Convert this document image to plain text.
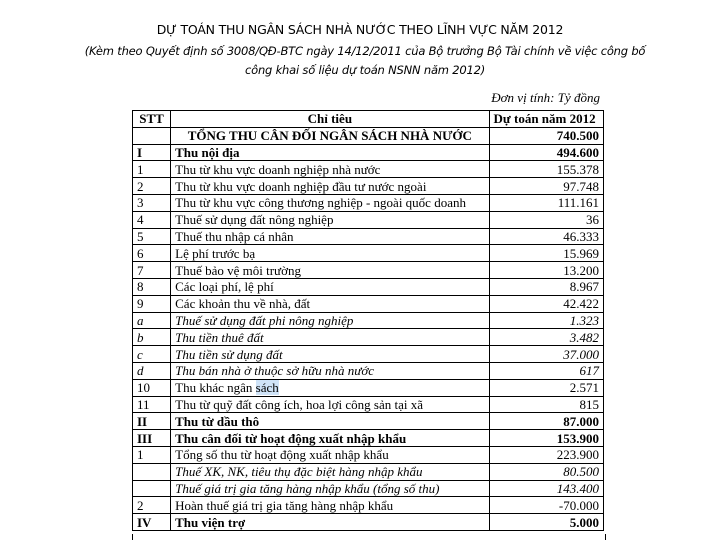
DỰ TOÁN THU NGÂN SÁCH NHÀ NƯỚC THEO LĨNH VỰC NĂM 2012
(Kèm theo Quyết định số 3008/QĐ-BTC ngày 14/12/2011 của Bộ trưởng Bộ Tài chính về việc công bố
công khai số liệu dự toán NSNN năm 2012)
Đơn vị tính: Tỷ đồng
STT	Chỉ tiêu	Dự toán năm 2012
	TỔNG THU CÂN ĐỐI NGÂN SÁCH NHÀ NƯỚC	740.500
I	Thu nội địa	494.600
1	Thu từ khu vực doanh nghiệp nhà nước	155.378
2	Thu từ khu vực doanh nghiệp đầu tư nước ngoài	97.748
3	Thu từ khu vực công thương nghiệp - ngoài quốc doanh	111.161
4	Thuế sử dụng đất nông nghiệp	36
5	Thuế thu nhập cá nhân	46.333
6	Lệ phí trước bạ	15.969
7	Thuế bảo vệ môi trường	13.200
8	Các loại phí, lệ phí	8.967
9	Các khoản thu về nhà, đất	42.422
a	Thuế sử dụng đất phi nông nghiệp	1.323
b	Thu tiền thuê đất	3.482
c	Thu tiền sử dụng đất	37.000
d	Thu bán nhà ở thuộc sở hữu nhà nước	617
10	Thu khác ngân sách	2.571
11	Thu từ quỹ đất công ích, hoa lợi công sản tại xã	815
II	Thu từ dầu thô	87.000
III	Thu cân đối từ hoạt động xuất nhập khẩu	153.900
1	Tổng số thu từ hoạt động xuất nhập khẩu	223.900
	Thuế XK, NK, tiêu thụ đặc biệt hàng nhập khẩu	80.500
	Thuế giá trị gia tăng hàng nhập khẩu (tổng số thu)	143.400
2	Hoàn thuế giá trị gia tăng hàng nhập khẩu	-70.000
IV	Thu viện trợ	5.000
